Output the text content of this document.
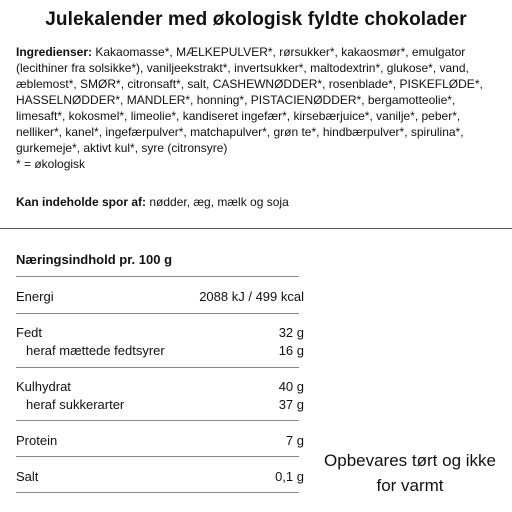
Julekalender med økologisk fyldte chokolader
Ingredienser: Kakaomasse*, MÆLKEPULVER*, rørsukker*, kakaosmør*, emulgator (lecithiner fra solsikke*), vaniljeekstrakt*, invertsukker*, maltodextrin*, glukose*, vand, æblemost*, SMØR*, citronsaft*, salt, CASHEWNØDDER*, rosenblade*, PISKEFLØDE*, HASSELNØDDER*, MANDLER*, honning*, PISTACIENØDDER*, bergamotteolie*, limesaft*, kokosmel*, limeolie*, kandiseret ingefær*, kirsebærjuice*, vanilje*, peber*, nelliker*, kanel*, ingefærpulver*, matchapulver*, grøn te*, hindbærpulver*, spirulina*, gurkemeje*, aktivt kul*, syre (citronsyre)
* = økologisk
Kan indeholde spor af: nødder, æg, mælk og soja
Næringsindhold pr. 100 g
Energi	2088 kJ / 499 kcal
Fedt	32 g
heraf mættede fedtsyrer	16 g
Kulhydrat	40 g
heraf sukkerarter	37 g
Protein	7 g
Salt	0,1 g
Opbevares tørt og ikke for varmt
